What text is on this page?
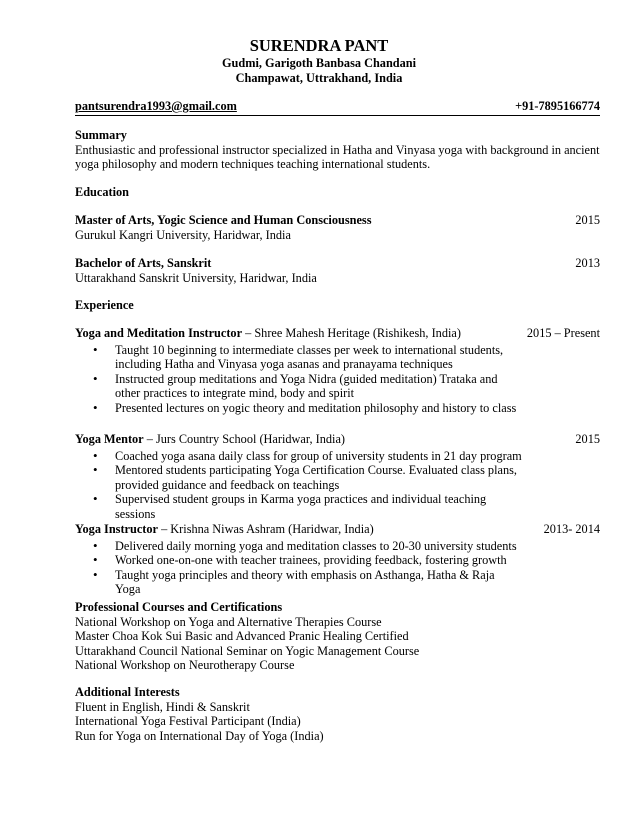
SURENDRA PANT
Gudmi, Garigoth Banbasa Chandani
Champawat, Uttrakhand, India
pantsurendra1993@gmail.com	+91-7895166774
Summary
Enthusiastic and professional instructor specialized in Hatha and Vinyasa yoga with background in ancient yoga philosophy and modern techniques teaching international students.
Education
Master of Arts, Yogic Science and Human Consciousness	2015
Gurukul Kangri University, Haridwar, India
Bachelor of Arts, Sanskrit	2013
Uttarakhand Sanskrit University, Haridwar, India
Experience
Yoga and Meditation Instructor – Shree Mahesh Heritage (Rishikesh, India)	2015 – Present
• Taught 10 beginning to intermediate classes per week to international students, including Hatha and Vinyasa yoga asanas and pranayama techniques
• Instructed group meditations and Yoga Nidra (guided meditation) Trataka and other practices to integrate mind, body and spirit
• Presented lectures on yogic theory and meditation philosophy and history to class
Yoga Mentor – Jurs Country School (Haridwar, India)	2015
• Coached yoga asana daily class for group of university students in 21 day program
• Mentored students participating Yoga Certification Course. Evaluated class plans, provided guidance and feedback on teachings
• Supervised student groups in Karma yoga practices and individual teaching sessions
Yoga Instructor – Krishna Niwas Ashram (Haridwar, India)	2013- 2014
• Delivered daily morning yoga and meditation classes to 20-30 university students
• Worked one-on-one with teacher trainees, providing feedback, fostering growth
• Taught yoga principles and theory with emphasis on Asthanga, Hatha & Raja Yoga
Professional Courses and Certifications
National Workshop on Yoga and Alternative Therapies Course
Master Choa Kok Sui Basic and Advanced Pranic Healing Certified
Uttarakhand Council National Seminar on Yogic Management Course
National Workshop on Neurotherapy Course
Additional Interests
Fluent in English, Hindi & Sanskrit
International Yoga Festival Participant (India)
Run for Yoga on International Day of Yoga (India)
